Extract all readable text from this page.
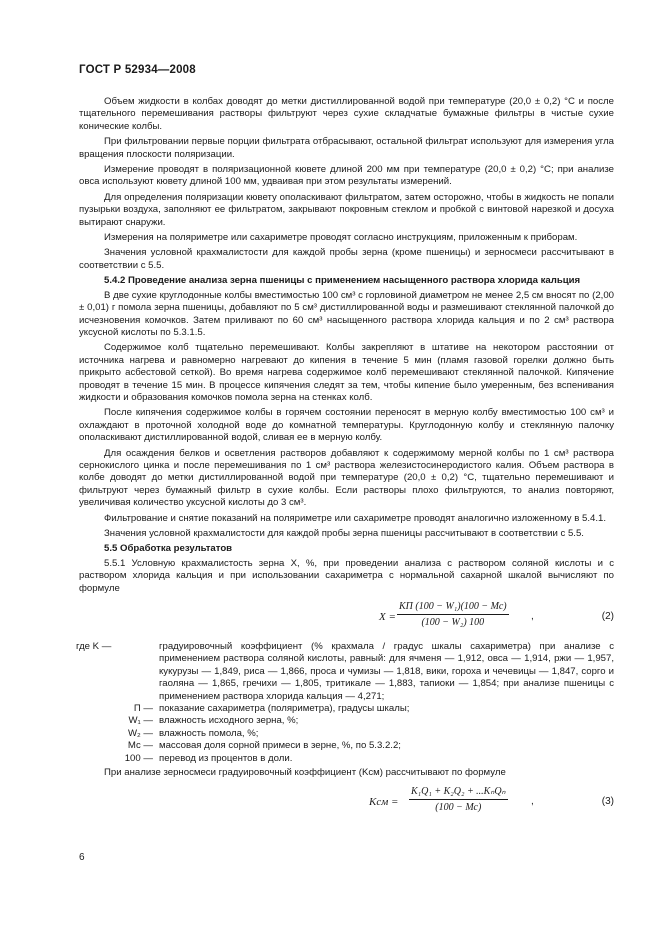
ГОСТ Р 52934—2008

Объем жидкости в колбах доводят до метки дистиллированной водой при температуре (20,0 ± 0,2) °С и после тщательного перемешивания растворы фильтруют через сухие складчатые бумажные фильтры в чистые сухие конические колбы.

При фильтровании первые порции фильтрата отбрасывают, остальной фильтрат используют для измерения угла вращения плоскости поляризации.

Измерение проводят в поляризационной кювете длиной 200 мм при температуре (20,0 ± 0,2) °С; при анализе овса используют кювету длиной 100 мм, удваивая при этом результаты измерений.

Для определения поляризации кювету ополаскивают фильтратом, затем осторожно, чтобы в жидкость не попали пузырьки воздуха, заполняют ее фильтратом, закрывают покровным стеклом и пробкой с винтовой нарезкой и досуха вытирают снаружи.

Измерения на поляриметре или сахариметре проводят согласно инструкциям, приложенным к приборам.

Значения условной крахмалистости для каждой пробы зерна (кроме пшеницы) и зерносмеси рассчитывают в соответствии с 5.5.

5.4.2 Проведение анализа зерна пшеницы с применением насыщенного раствора хлорида кальция

В две сухие круглодонные колбы вместимостью 100 см³ с горловиной диаметром не менее 2,5 см вносят по (2,00 ± 0,01) г помола зерна пшеницы, добавляют по 5 см³ дистиллированной воды и размешивают стеклянной палочкой до исчезновения комочков. Затем приливают по 60 см³ насыщенного раствора хлорида кальция и по 2 см³ раствора уксусной кислоты по 5.3.1.5.

Содержимое колб тщательно перемешивают. Колбы закрепляют в штативе на некотором расстоянии от источника нагрева и равномерно нагревают до кипения в течение 5 мин (пламя газовой горелки должно быть прикрыто асбестовой сеткой). Во время нагрева содержимое колб перемешивают стеклянной палочкой. Кипячение проводят в течение 15 мин. В процессе кипячения следят за тем, чтобы кипение было умеренным, без вспенивания жидкости и образования комочков помола зерна на стенках колб.

После кипячения содержимое колбы в горячем состоянии переносят в мерную колбу вместимостью 100 см³ и охлаждают в проточной холодной воде до комнатной температуры. Круглодонную колбу и стеклянную палочку ополаскивают дистиллированной водой, сливая ее в мерную колбу.

Для осаждения белков и осветления растворов добавляют к содержимому мерной колбы по 1 см³ раствора сернокислого цинка и после перемешивания по 1 см³ раствора железистосинеродистого калия. Объем раствора в колбе доводят до метки дистиллированной водой при температуре (20,0 ± 0,2) °С, тщательно перемешивают и фильтруют через бумажный фильтр в сухие колбы. Если растворы плохо фильтруются, то анализ повторяют, увеличивая количество уксусной кислоты до 3 см³.

Фильтрование и снятие показаний на поляриметре или сахариметре проводят аналогично изложенному в 5.4.1.

Значения условной крахмалистости для каждой пробы зерна пшеницы рассчитывают в соответствии с 5.5.

5.5 Обработка результатов

5.5.1 Условную крахмалистость зерна X, %, при проведении анализа с раствором соляной кислоты и с раствором хлорида кальция и при использовании сахариметра с нормальной сахарной шкалой вычисляют по формуле

X =
КП (100 − W₁)(100 − Мс)
(100 − W₂) 100
,	(2)
где K —	градуировочный коэффициент (% крахмала / градус шкалы сахариметра) при анализе с применением раствора соляной кислоты, равный: для ячменя — 1,912, овса — 1,914, ржи — 1,957, кукурузы — 1,849, риса — 1,866, проса и чумизы — 1,818, вики, гороха и чечевицы — 1,847, сорго и гаоляна — 1,865, гречихи — 1,805, тритикале — 1,883, тапиоки — 1,854; при анализе пшеницы с применением раствора хлорида кальция — 4,271;
П — показание сахариметра (поляриметра), градусы шкалы;
W₁ — влажность исходного зерна, %;
W₂ — влажность помола, %;
Мс — массовая доля сорной примеси в зерне, %, по 5.3.2.2;
100 — перевод из процентов в доли.

При анализе зерносмеси градуировочный коэффициент (Kсм) рассчитывают по формуле

Kсм =
K₁Q₁ + K₂Q₂ + ...KₙQₙ
(100 − Мс)
,	(3)
6
